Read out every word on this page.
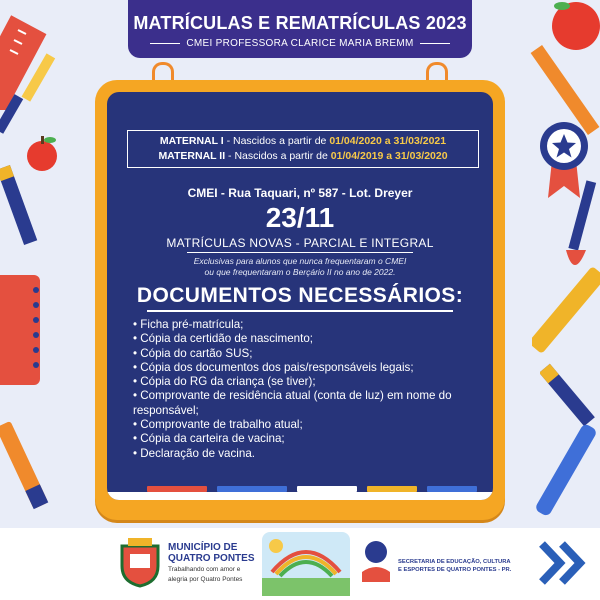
MATRÍCULAS E REMATRÍCULAS 2023
CMEI PROFESSORA CLARICE MARIA BREMM
MATERNAL I - Nascidos a partir de 01/04/2020 a 31/03/2021
MATERNAL II - Nascidos a partir de 01/04/2019 a 31/03/2020
CMEI - Rua Taquari, nº 587 - Lot. Dreyer
23/11
MATRÍCULAS NOVAS - PARCIAL E INTEGRAL
Exclusivas para alunos que nunca frequentaram o CMEI
ou que frequentaram o Berçário II no ano de 2022.
DOCUMENTOS NECESSÁRIOS:
• Ficha pré-matrícula;
• Cópia da certidão de nascimento;
• Cópia do cartão SUS;
• Cópia dos documentos dos pais/responsáveis legais;
• Cópia do RG da criança (se tiver);
• Comprovante de residência atual (conta de luz) em nome do responsável;
• Comprovante de trabalho atual;
• Cópia da carteira de vacina;
• Declaração de vacina.
MUNICÍPIO DE
QUATRO PONTES
Trabalhando com amor e
alegria por Quatro Pontes
SECRETARIA DE EDUCAÇÃO, CULTURA
E ESPORTES DE QUATRO PONTES - PR.
